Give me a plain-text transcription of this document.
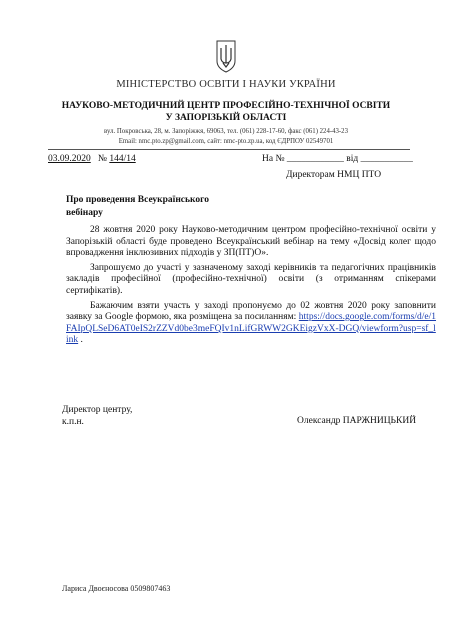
МІНІСТЕРСТВО ОСВІТИ І НАУКИ УКРАЇНИ
НАУКОВО-МЕТОДИЧНИЙ ЦЕНТР ПРОФЕСІЙНО-ТЕХНІЧНОЇ ОСВІТИ
У ЗАПОРІЗЬКІЙ ОБЛАСТІ
вул. Покровська, 28, м. Запоріжжя, 69063, тел. (061) 228-17-60, факс (061) 224-43-23
Email: nmc.pto.zp@gmail.com, сайт: nmc-pto.zp.ua, код ЄДРПОУ 02549701
03.09.2020 № 144/14	На № ____________ від ___________
Директорам НМЦ ПТО
Про проведення Всеукраїнського вебінару

28 жовтня 2020 року Науково-методичним центром професійно-технічної освіти у Запорізькій області буде проведено Всеукраїнський вебінар на тему «Досвід колег щодо впровадження інклюзивних підходів у ЗП(ПТ)О».

Запрошуємо до участі у зазначеному заході керівників та педагогічних працівників закладів професійної (професійно-технічної) освіти (з отриманням спікерами сертифікатів).

Бажаючим взяти участь у заході пропонуємо до 02 жовтня 2020 року заповнити заявку за Google формою, яка розміщена за посиланням: https://docs.google.com/forms/d/e/1FAIpQLSeD6AT0eIS2rZZVd0be3meFQIv1nLifGRWW2GKEigzVxX-DGQ/viewform?usp=sf_link .

Директор центру,
к.п.н.	Олександр ПАРЖНИЦЬКИЙ
Лариса Двоєносова 0509807463
